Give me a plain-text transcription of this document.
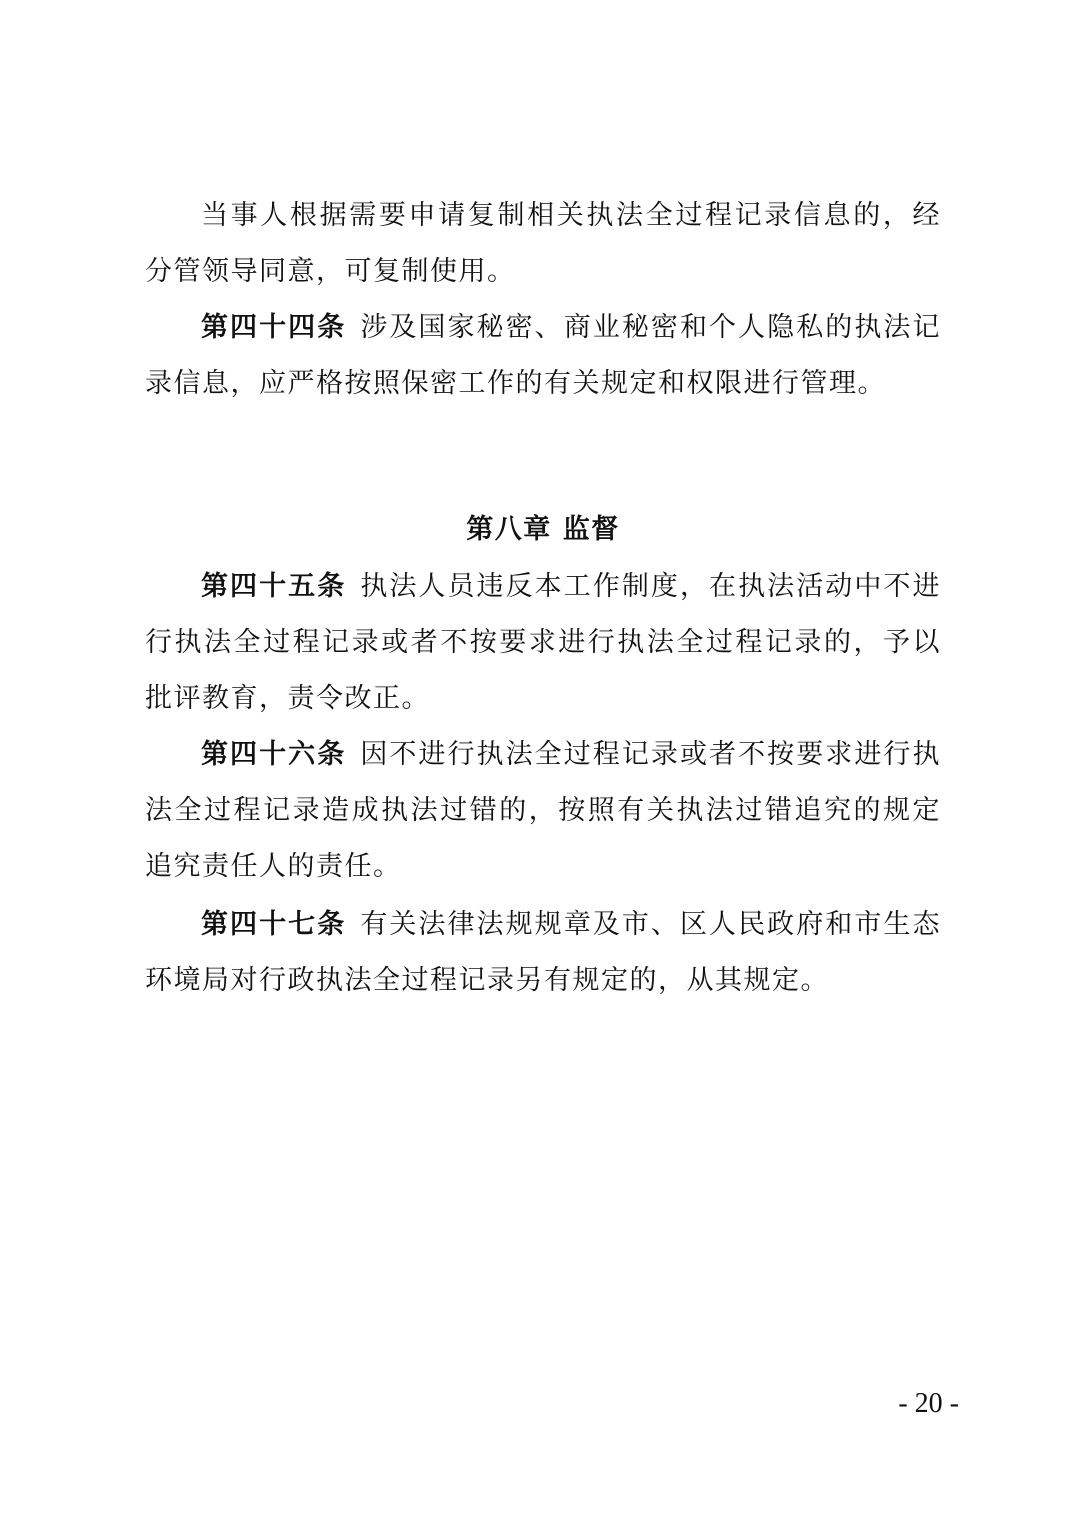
当事人根据需要申请复制相关执法全过程记录信息的，经分管领导同意，可复制使用。

第四十四条 涉及国家秘密、商业秘密和个人隐私的执法记录信息，应严格按照保密工作的有关规定和权限进行管理。

第八章 监督

第四十五条 执法人员违反本工作制度，在执法活动中不进行执法全过程记录或者不按要求进行执法全过程记录的，予以批评教育，责令改正。

第四十六条 因不进行执法全过程记录或者不按要求进行执法全过程记录造成执法过错的，按照有关执法过错追究的规定追究责任人的责任。

第四十七条 有关法律法规规章及市、区人民政府和市生态环境局对行政执法全过程记录另有规定的，从其规定。

- 20 -
